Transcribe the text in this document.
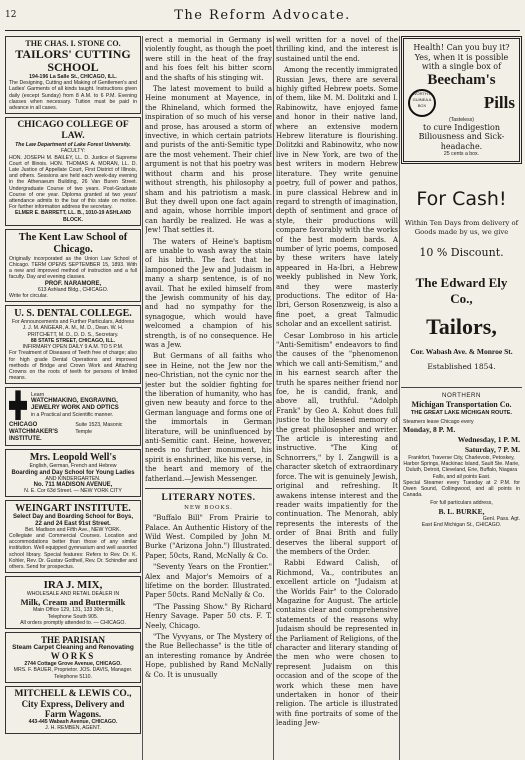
12	The Reform Advocate.
THE CHAS. I. STONE CO.
TAILORS' CUTTING SCHOOL
194-196 La Salle St., CHICAGO, ILL.
The Designing, Cutting and Making of Gentlemen's and Ladies' Garments of all kinds taught. Instructions given daily (except Sunday) from 8 A.M. to 6 P.M. Evening classes when necessary. Tuition must be paid in advance in all cases.
CHICAGO COLLEGE OF LAW.
The Law Department of Lake Forest University.
FACULTY:
HON. JOSEPH M. BAILEY, LL. D. Justice of Supreme Court of Illinois. HON. THOMAS A. MORAN, LL. D. Late Justice of Appellate Court, First District of Illinois, and others. Sessions are held each week-day evening in the Athenaeum Building, 26 Van Buren Street. Undergraduate Course of two years. Post-Graduate Course of one year. Diploma granted at two years' attendance admits to the bar of this state on motion. For further information address the secretary.
ELMER E. BARRETT, LL. B., 1010-19 ASHLAND BLOCK.
The Kent Law School of Chicago.
Originally incorporated as the Union Law School of Chicago. TERM OPENS SEPTEMBER 15, 1893. With a new and improved method of instruction and a full faculty. Day and evening classes.
PROF. NARAMORE,
613 Ashland Bldg., CHICAGO.
Write for circular.
U. S. DENTAL COLLEGE.
For Announcements and Further Particulars, Address
J. J. M. ANGEAR, A. M., M. D., Dean. W. H. PRITCHETT, M. D., D. D. S., Secretary.
88 STATE STREET, CHICAGO, ILL.
INFIRMARY OPEN DAILY 9 A.M. TO 5 P.M.
For Treatment of Diseases of Teeth free of charge; also for high grade Dental Operations and improved methods of Bridge and Crown Work and Attaching Crowns on the roots of teeth for persons of limited means.
Learn
WATCHMAKING, ENGRAVING, JEWELRY WORK AND OPTICS
in a Practical and Scientific manner.
CHICAGO WATCHMAKER'S INSTITUTE.
Suite 1523, Masonic Temple
Mrs. Leopold Well's
English, German, French and Hebrew
Boarding and Day School for Young Ladies
AND KINDERGARTEN.
No. 711 MADISON AVENUE,
N. E. Cor 63d Street. — NEW YORK CITY
WEINGART INSTITUTE.
Select Day and Boarding School for Boys,
22 and 24 East 91st Street.
Bet. Madison and Fifth Ave., NEW YORK.
Collegiate and Commercial Courses. Location and accommodations better than those of any similar institution. Well equipped gymnasium and well assorted school library. Special features: Refers to Rev. Dr. K. Kohler, Rev. Dr. Gustav Gottheil, Rev. Dr. Schindler and others. Send for prospectus.
IRA J. MIX,
WHOLESALE AND RETAIL DEALER IN
Milk, Cream and Buttermilk
Main Office 129, 131, 133 30th St.,
Telephone South 905.
All orders promptly attended to. — CHICAGO.
THE PARISIAN
Steam Carpet Cleaning and Renovating
WORKS
2744 Cottage Grove Avenue, CHICAGO.
MRS. F. BAUER, Proprietor. JOS. DAVIS, Manager.
Telephone 5110.
MITCHELL & LEWIS CO.,
City Express, Delivery and
Farm Wagons.
443-445 Wabash Avenue, CHICAGO.
J. H. REMBEN, AGENT.

erect a memorial in Germany is violently fought, as though the poet were still in the heat of the fray and his foes felt his bitter scorn and the shafts of his stinging wit.

The latest movement to build a Heine monument at Mayence, in the Rhineland, which formed the inspiration of so much of his verse and prose, has aroused a storm of invective, in which certain patriots and purists of the anti-Semitic type are the most vehement. Their chief argument is not that his poetry was without charm and his prose without strength, his philosophy a sham and his patriotism a mask. But they dwell upon one fact again and again, whose horrible import can hardly be realized. He was a Jew! That settles it.

The waters of Heine's baptism are unable to wash away the stain of his birth. The fact that he lampooned the Jew and Judaism in many a sharp sentence, is of no avail. That he exiled himself from the Jewish community of his day, and had no sympathy for the synagogue, which would have welcomed a champion of his strength, is of no consequence. He was a Jew.

But Germans of all faiths who see in Heine, not the Jew nor the neo-Christian, not the cynic nor the jester but the soldier fighting for the liberation of humanity, who has given new beauty and force to the German language and forms one of the immortals in German literature, will be uninfluenced by anti-Semitic cant. Heine, however, needs no further monument, his spirit is enshrined, like his verse, in the heart and memory of the fatherland.—Jewish Messenger.

LITERARY NOTES.
NEW BOOKS.

"Buffalo Bill" From Prairie to Palace. An Authentic History of the Wild West. Compiled by John M. Burke ("Arizona John.") Illustrated. Paper, 50cts, Rand, McNally & Co.

"Seventy Years on the Frontier." Alex and Major's Memoirs of a lifetime on the border. Illustrated. Paper 50cts. Rand McNally & Co.

"The Passing Show." By Richard Henry Savage. Paper 50 cts. F. T. Neely, Chicago.

"The Vyvyans, or The Mystery of the Rue Bellechasse" is the title of an interesting romance by Andrée Hope, published by Rand McNally & Co. It is unusually

well written for a novel of the thrilling kind, and the interest is sustained until the end.

Among the recently immigrated Russian Jews, there are several highly gifted Hebrew poets. Some of them, like M. M. Dolitzki and I. Rabinowitz, have enjoyed fame and honor in their native land, where an extensive modern Hebrew literature is flourishing. Dolitzki and Rabinowitz, who now live in New York, are two of the best writers in modern Hebrew literature. They write genuine poetry, full of power and pathos, in pure classical Hebrew and in regard to strength of imagination, depth of sentiment and grace of style, their productions will compare favorably with the works of the best modern bards. A number of lyric poems, composed by these writers have lately appeared in Ha-Ibri, a Hebrew weekly published in New York, and they were masterly productions. The editor of Ha-Ibri, Gerson Rosenzweig, is also a fine poet, a great Talmudic scholar and an excellent satirist.

Cesar Lombroso in his article "Anti-Semitism" endeavors to find the causes of the "phenomenon which we call anti-Semitism," and in his earnest search after the truth he spares neither friend nor foe, he is candid, frank, and above all, truthful. "Adolph Frank" by Geo A. Kohut does full justice to the blessed memory of the great philosopher and writer. The article is interesting and instructive. "The King of Schnorrers," by I. Zangwill is a character sketch of extraordinary force. The wit is genuinely Jewish, original and refreshing. It awakens intense interest and the reader waits impatiently for the continuation. The Menorah, ably represents the interests of the order of Bnai Brith and fully deserves the liberal support of the members of the Order.

Rabbi Edward Calish, of Richmond, Va., contributes an excellent article on "Judaism at the Worlds Fair" to the Colorado Magazine for August. The article contains clear and comprehensive statements of the reasons why Judaism should be represented in the Parliament of Religions, of the character and literary standing of the men who were chosen to represent Judaism on this occasion and of the scope of the work which these men have undertaken in honor of their religion. The article is illustrated with fine portraits of some of the leading Jew-

Health! Can you buy it? Yes, when it is possible with a single box of
Beecham's
WORTH A GUINEA A BOX	Pills
(Tasteless)
to cure Indigestion Biliousness and Sick-headache.
25 cents a box.
For Cash!
Within Ten Days from delivery of Goods made by us, we give
10 % Discount.
The Edward Ely Co.,
Tailors,
Cor. Wabash Ave. & Monroe St.
Established 1854.
NORTHERN
Michigan Transportation Co.
THE GREAT LAKE MICHIGAN ROUTE.
Steamers leave Chicago every
Monday, 8 P. M.
Wednesday, 1 P. M.
Saturday, 7 P. M.
Frankfort, Traverse City, Charlevoix, Petoskey, Harbor Springs, Mackinac Island, Sault Ste. Marie, Duluth, Detroit, Cleveland, Erie, Buffalo, Niagara Falls, and all points East.
Special Steamer every Tuesday at 2 P.M. for Owen Sound, Collingwood, and all points in Canada.
For full particulars address,
B. L. BURKE,
Genl. Pass. Agt.
East End Michigan St., CHICAGO.
